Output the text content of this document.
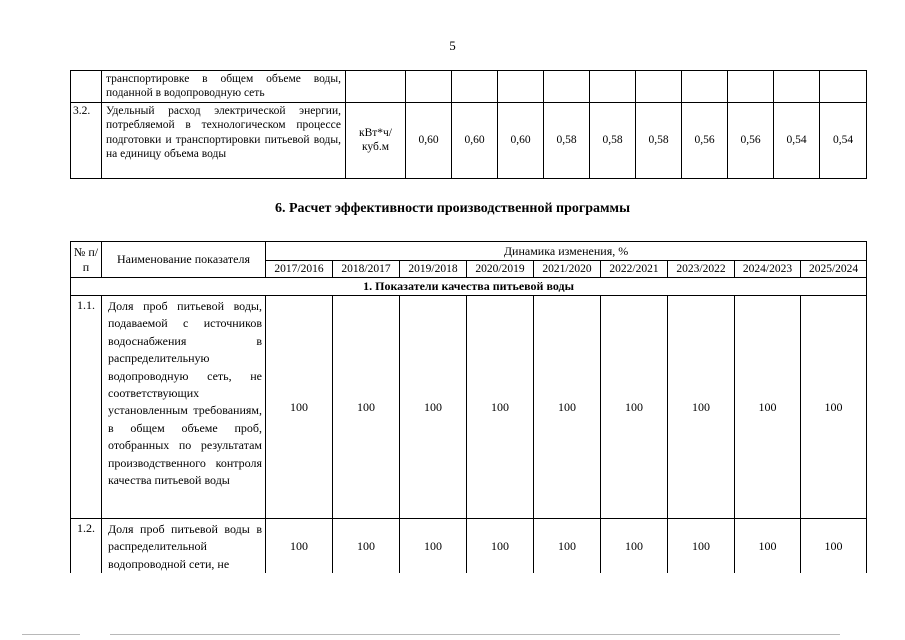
5
	транспортировке в общем объеме воды, поданной в водопроводную сеть											
3.2.	Удельный расход электрической энергии, потребляемой в технологическом процессе подготовки и транспортировки питьевой воды, на единицу объема воды	кВт*ч/ куб.м	0,60	0,60	0,60	0,58	0,58	0,58	0,56	0,56	0,54	0,54
6. Расчет эффективности производственной программы
№ п/п	Наименование показателя	Динамика изменения, %								
		2017/2016	2018/2017	2019/2018	2020/2019	2021/2020	2022/2021	2023/2022	2024/2023	2025/2024
1. Показатели качества питьевой воды										
1.1.	Доля проб питьевой воды, подаваемой с источников водоснабжения в распределительную водопроводную сеть, не соответствующих установленным требованиям, в общем объеме проб, отобранных по результатам производственного контроля качества питьевой воды	100	100	100	100	100	100	100	100	100
1.2.	Доля проб питьевой воды в распределительной водопроводной сети, не	100	100	100	100	100	100	100	100	100
